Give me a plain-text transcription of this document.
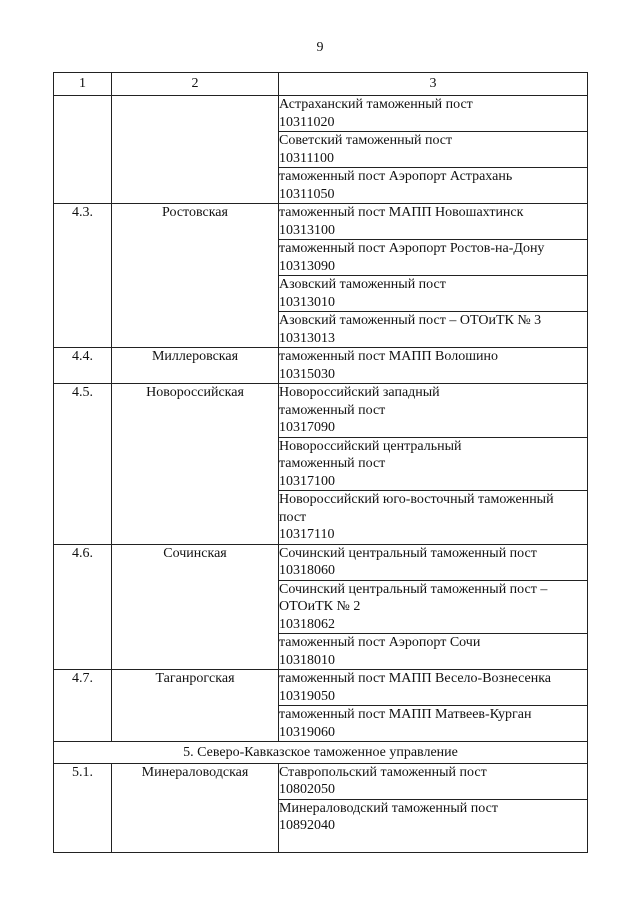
9
1	2	3

		Астраханский таможенный пост
10311020

		Советский таможенный пост
10311100

		таможенный пост Аэропорт Астрахань
10311050

4.3.	Ростовская	таможенный пост МАПП Новошахтинск
10313100

		таможенный пост Аэропорт Ростов-на-Дону
10313090

		Азовский таможенный пост
10313010

		Азовский таможенный пост – ОТОиТК № 3
10313013

4.4.	Миллеровская	таможенный пост МАПП Волошино
10315030

4.5.	Новороссийская	Новороссийский западный
таможенный пост
10317090

		Новороссийский центральный
таможенный пост
10317100

		Новороссийский юго-восточный таможенный
пост
10317110

4.6.	Сочинская	Сочинский центральный таможенный пост
10318060

		Сочинский центральный таможенный пост –
ОТОиТК № 2
10318062

		таможенный пост Аэропорт Сочи
10318010

4.7.	Таганрогская	таможенный пост МАПП Весело-Вознесенка
10319050

		таможенный пост МАПП Матвеев-Курган
10319060

5. Северо-Кавказское таможенное управление		
5.1.	Минераловодская	Ставропольский таможенный пост
10802050

		Минераловодский таможенный пост
10892040
